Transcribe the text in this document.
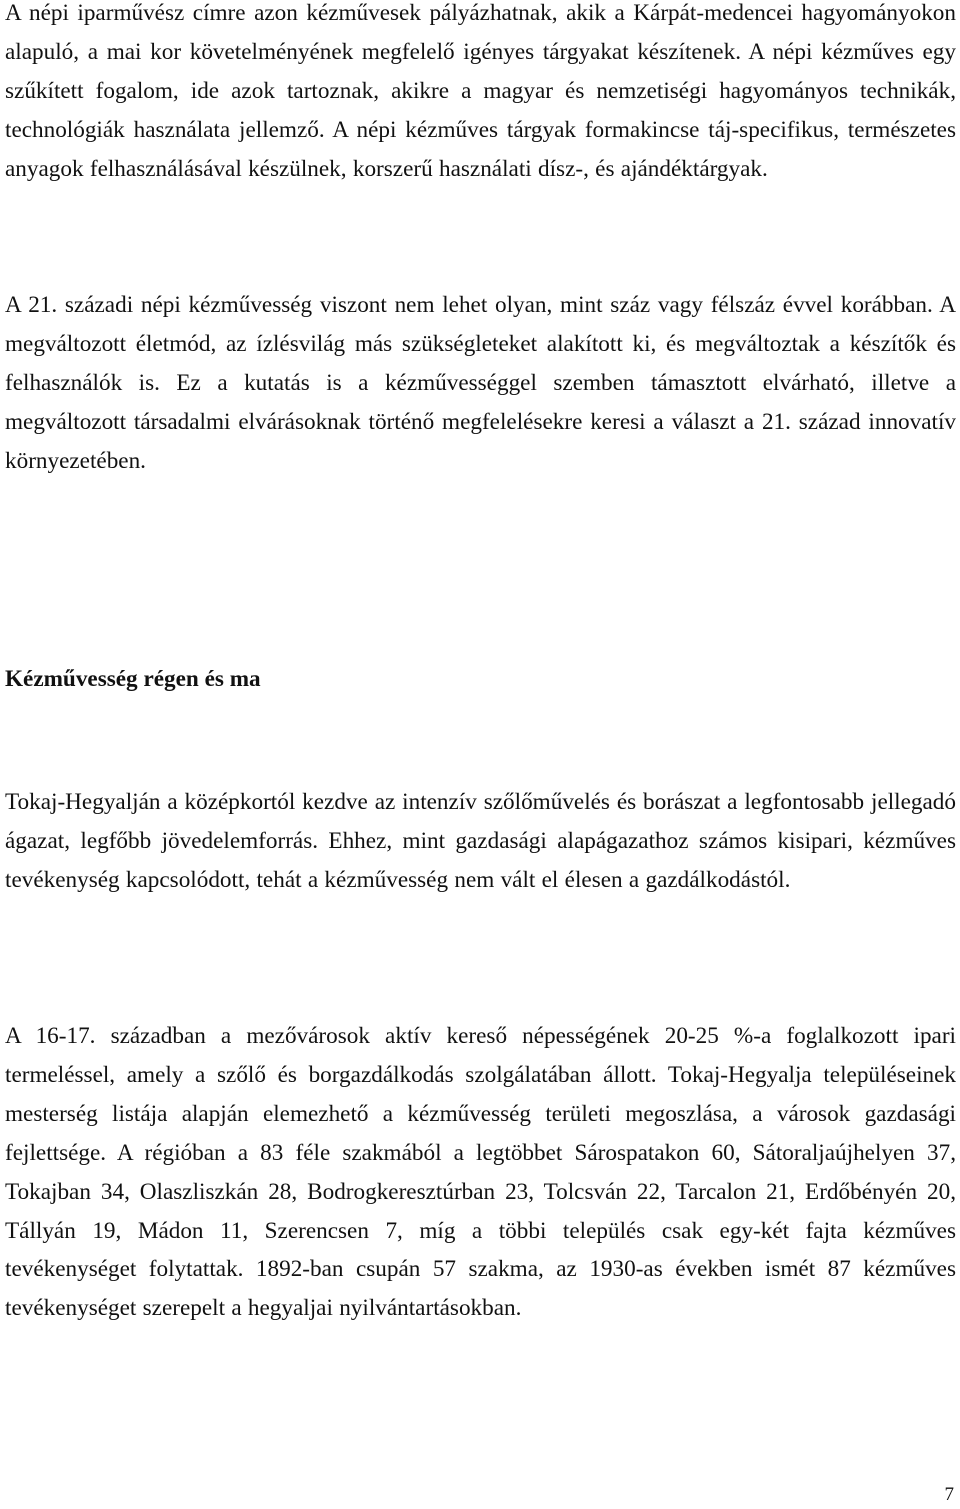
A népi iparművész címre azon kézművesek pályázhatnak, akik a Kárpát-medencei hagyományokon alapuló, a mai kor követelményének megfelelő igényes tárgyakat készítenek. A népi kézműves egy szűkített fogalom, ide azok tartoznak, akikre a magyar és nemzetiségi hagyományos technikák, technológiák használata jellemző. A népi kézműves tárgyak formakincse táj-specifikus, természetes anyagok felhasználásával készülnek, korszerű használati dísz-, és ajándéktárgyak.

A 21. századi népi kézművesség viszont nem lehet olyan, mint száz vagy félszáz évvel korábban. A megváltozott életmód, az ízlésvilág más szükségleteket alakított ki, és megváltoztak a készítők és felhasználók is. Ez a kutatás is a kézművességgel szemben támasztott elvárható, illetve a megváltozott társadalmi elvárásoknak történő megfelelésekre keresi a választ a 21. század innovatív környezetében.

Kézművesség régen és ma

Tokaj-Hegyalján a középkortól kezdve az intenzív szőlőművelés és borászat a legfontosabb jellegadó ágazat, legfőbb jövedelemforrás. Ehhez, mint gazdasági alapágazathoz számos kisipari, kézműves tevékenység kapcsolódott, tehát a kézművesség nem vált el élesen a gazdálkodástól.

A 16-17. században a mezővárosok aktív kereső népességének 20-25 %-a foglalkozott ipari termeléssel, amely a szőlő és borgazdálkodás szolgálatában állott. Tokaj-Hegyalja településeinek mesterség listája alapján elemezhető a kézművesség területi megoszlása, a városok gazdasági fejlettsége. A régióban a 83 féle szakmából a legtöbbet Sárospatakon 60, Sátoraljaújhelyen 37, Tokajban 34, Olaszliszkán 28, Bodrogkeresztúrban 23, Tolcsván 22, Tarcalon 21, Erdőbényén 20, Tállyán 19, Mádon 11, Szerencsen 7, míg a többi település csak egy-két fajta kézműves tevékenységet folytattak. 1892-ban csupán 57 szakma, az 1930-as években ismét 87 kézműves tevékenységet szerepelt a hegyaljai nyilvántartásokban.

7
